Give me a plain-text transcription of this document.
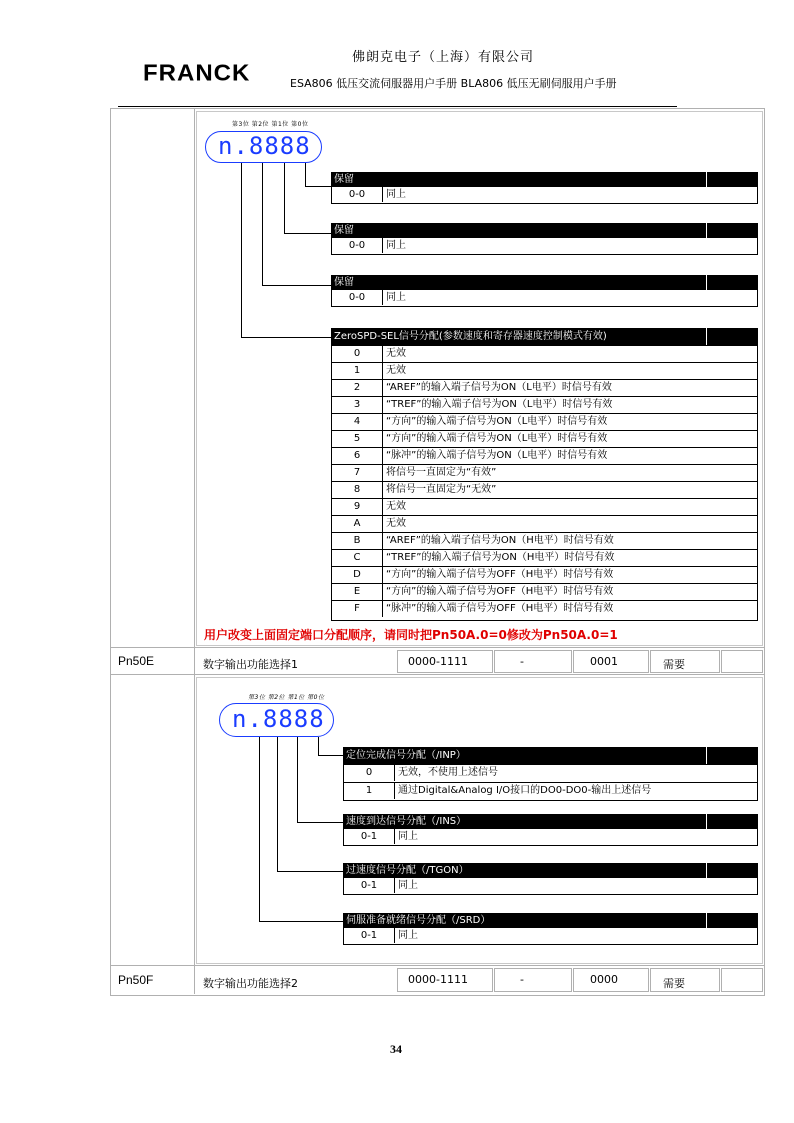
FRANCK
佛朗克电子（上海）有限公司
ESA806 低压交流伺服器用户手册 BLA806 低压无刷伺服用户手册
第3位 第2位 第1位 第0位
n.8888
保留
0-0	同上
保留
0-0	同上
保留
0-0	同上
ZeroSPD-SEL信号分配(参数速度和寄存器速度控制模式有效)
0	无效
1	无效
2	“AREF”的输入端子信号为ON（L电平）时信号有效
3	“TREF”的输入端子信号为ON（L电平）时信号有效
4	“方向”的输入端子信号为ON（L电平）时信号有效
5	“方向”的输入端子信号为ON（L电平）时信号有效
6	“脉冲”的输入端子信号为ON（L电平）时信号有效
7	将信号一直固定为“有效”
8	将信号一直固定为“无效”
9	无效
A	无效
B	“AREF”的输入端子信号为ON（H电平）时信号有效
C	“TREF”的输入端子信号为ON（H电平）时信号有效
D	“方向”的输入端子信号为OFF（H电平）时信号有效
E	“方向”的输入端子信号为OFF（H电平）时信号有效
F	“脉冲”的输入端子信号为OFF（H电平）时信号有效
用户改变上面固定端口分配顺序，请同时把Pn50A.0=0修改为Pn50A.0=1
Pn50E	数字输出功能选择1	0000-1111	-	0001	需要
第3位 第2位 第1位 第0位
n.8888
定位完成信号分配（/INP）
0	无效，不使用上述信号
1	通过Digital&Analog I/O接口的DO0-DO0-输出上述信号
速度到达信号分配（/INS）
0-1	同上
过速度信号分配（/TGON）
0-1	同上
伺服准备就绪信号分配（/SRD）
0-1	同上
Pn50F	数字输出功能选择2	0000-1111	-	0000	需要
34
